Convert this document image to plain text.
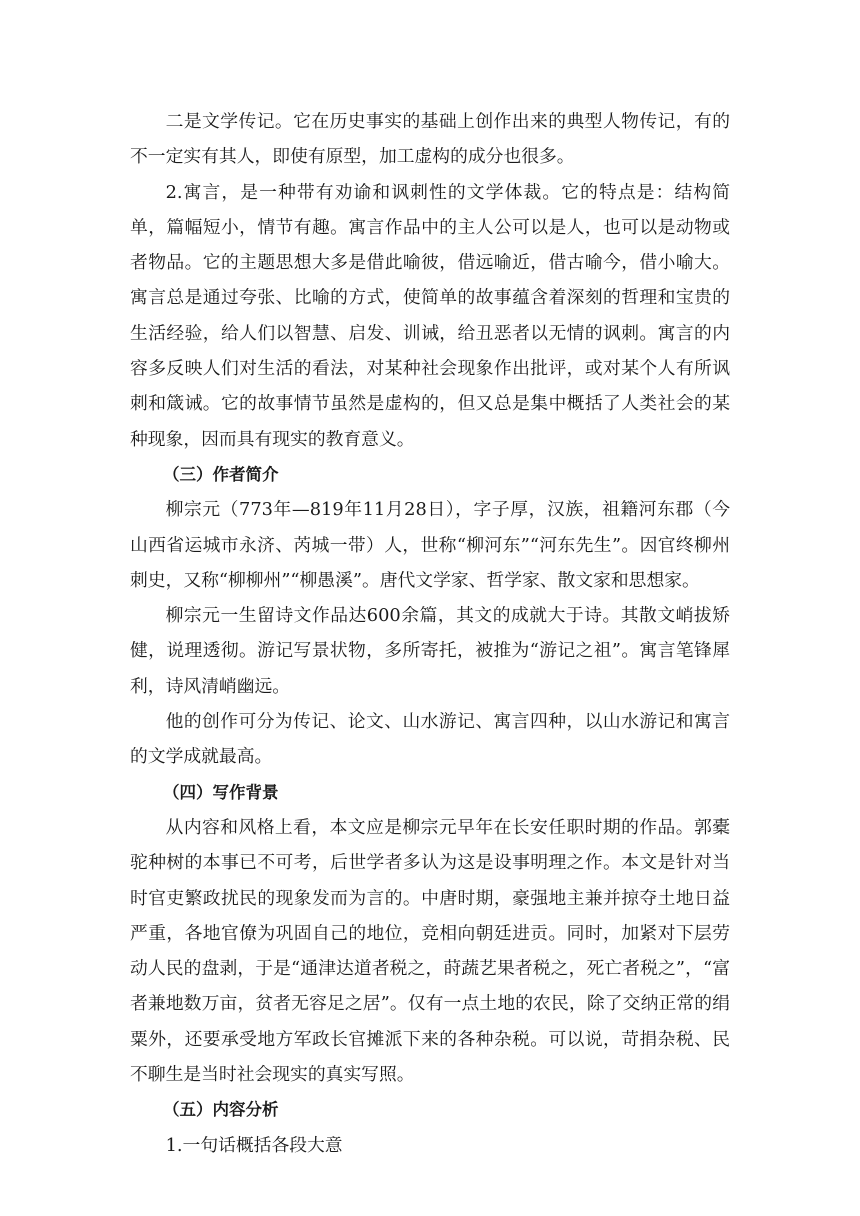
二是文学传记。它在历史事实的基础上创作出来的典型人物传记，有的不一定实有其人，即使有原型，加工虚构的成分也很多。

2.寓言，是一种带有劝谕和讽刺性的文学体裁。它的特点是：结构简单，篇幅短小，情节有趣。寓言作品中的主人公可以是人，也可以是动物或者物品。它的主题思想大多是借此喻彼，借远喻近，借古喻今，借小喻大。寓言总是通过夸张、比喻的方式，使简单的故事蕴含着深刻的哲理和宝贵的生活经验，给人们以智慧、启发、训诫，给丑恶者以无情的讽刺。寓言的内容多反映人们对生活的看法，对某种社会现象作出批评，或对某个人有所讽刺和箴诫。它的故事情节虽然是虚构的，但又总是集中概括了人类社会的某种现象，因而具有现实的教育意义。

（三）作者简介

柳宗元（773年—819年11月28日），字子厚，汉族，祖籍河东郡（今山西省运城市永济、芮城一带）人，世称“柳河东”“河东先生”。因官终柳州刺史，又称“柳柳州”“柳愚溪”。唐代文学家、哲学家、散文家和思想家。

柳宗元一生留诗文作品达600余篇，其文的成就大于诗。其散文峭拔矫健，说理透彻。游记写景状物，多所寄托，被推为“游记之祖”。寓言笔锋犀利，诗风清峭幽远。

他的创作可分为传记、论文、山水游记、寓言四种，以山水游记和寓言的文学成就最高。

（四）写作背景

从内容和风格上看，本文应是柳宗元早年在长安任职时期的作品。郭橐驼种树的本事已不可考，后世学者多认为这是设事明理之作。本文是针对当时官吏繁政扰民的现象发而为言的。中唐时期，豪强地主兼并掠夺土地日益严重，各地官僚为巩固自己的地位，竞相向朝廷进贡。同时，加紧对下层劳动人民的盘剥，于是“通津达道者税之，莳蔬艺果者税之，死亡者税之”，“富者兼地数万亩，贫者无容足之居”。仅有一点土地的农民，除了交纳正常的绢粟外，还要承受地方军政长官摊派下来的各种杂税。可以说，苛捐杂税、民不聊生是当时社会现实的真实写照。

（五）内容分析

1.一句话概括各段大意
